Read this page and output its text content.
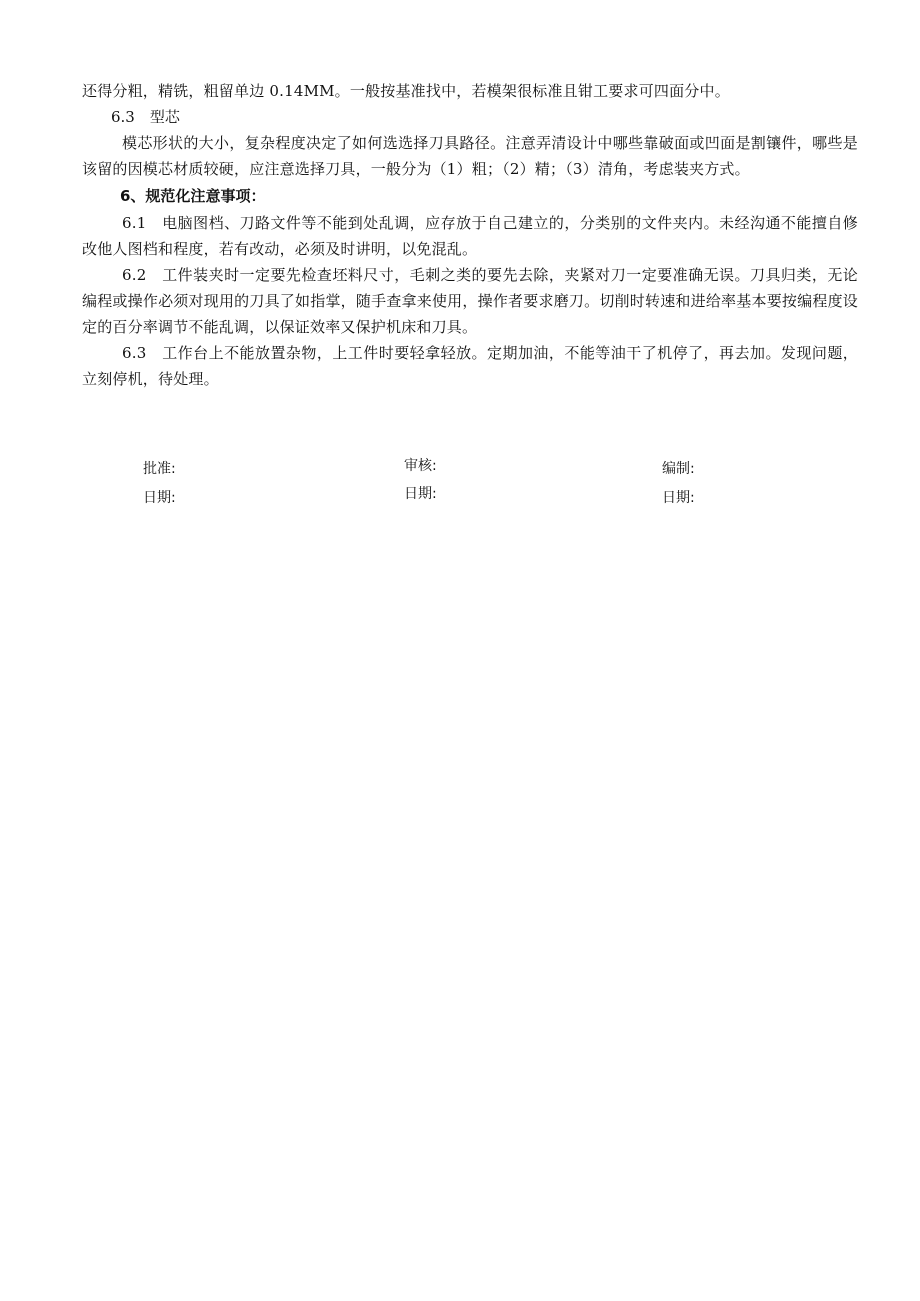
还得分粗，精铣，粗留单边 0.14MM。一般按基准找中，若模架很标准且钳工要求可四面分中。

6.3　型芯

模芯形状的大小，复杂程度决定了如何选选择刀具路径。注意弄清设计中哪些靠破面或凹面是割镶件，哪些是该留的因模芯材质较硬，应注意选择刀具，一般分为（1）粗；（2）精；（3）清角，考虑装夹方式。

6、规范化注意事项：

6.1　电脑图档、刀路文件等不能到处乱调，应存放于自己建立的，分类别的文件夹内。未经沟通不能擅自修改他人图档和程度，若有改动，必须及时讲明，以免混乱。

6.2　工件装夹时一定要先检查坯料尺寸，毛刺之类的要先去除，夹紧对刀一定要准确无误。刀具归类，无论编程或操作必须对现用的刀具了如指掌，随手查拿来使用，操作者要求磨刀。切削时转速和进给率基本要按编程度设定的百分率调节不能乱调，以保证效率又保护机床和刀具。

6.3　工作台上不能放置杂物，上工件时要轻拿轻放。定期加油，不能等油干了机停了，再去加。发现问题，立刻停机，待处理。

批准:
日期:
审核:
日期:
编制:
日期:
